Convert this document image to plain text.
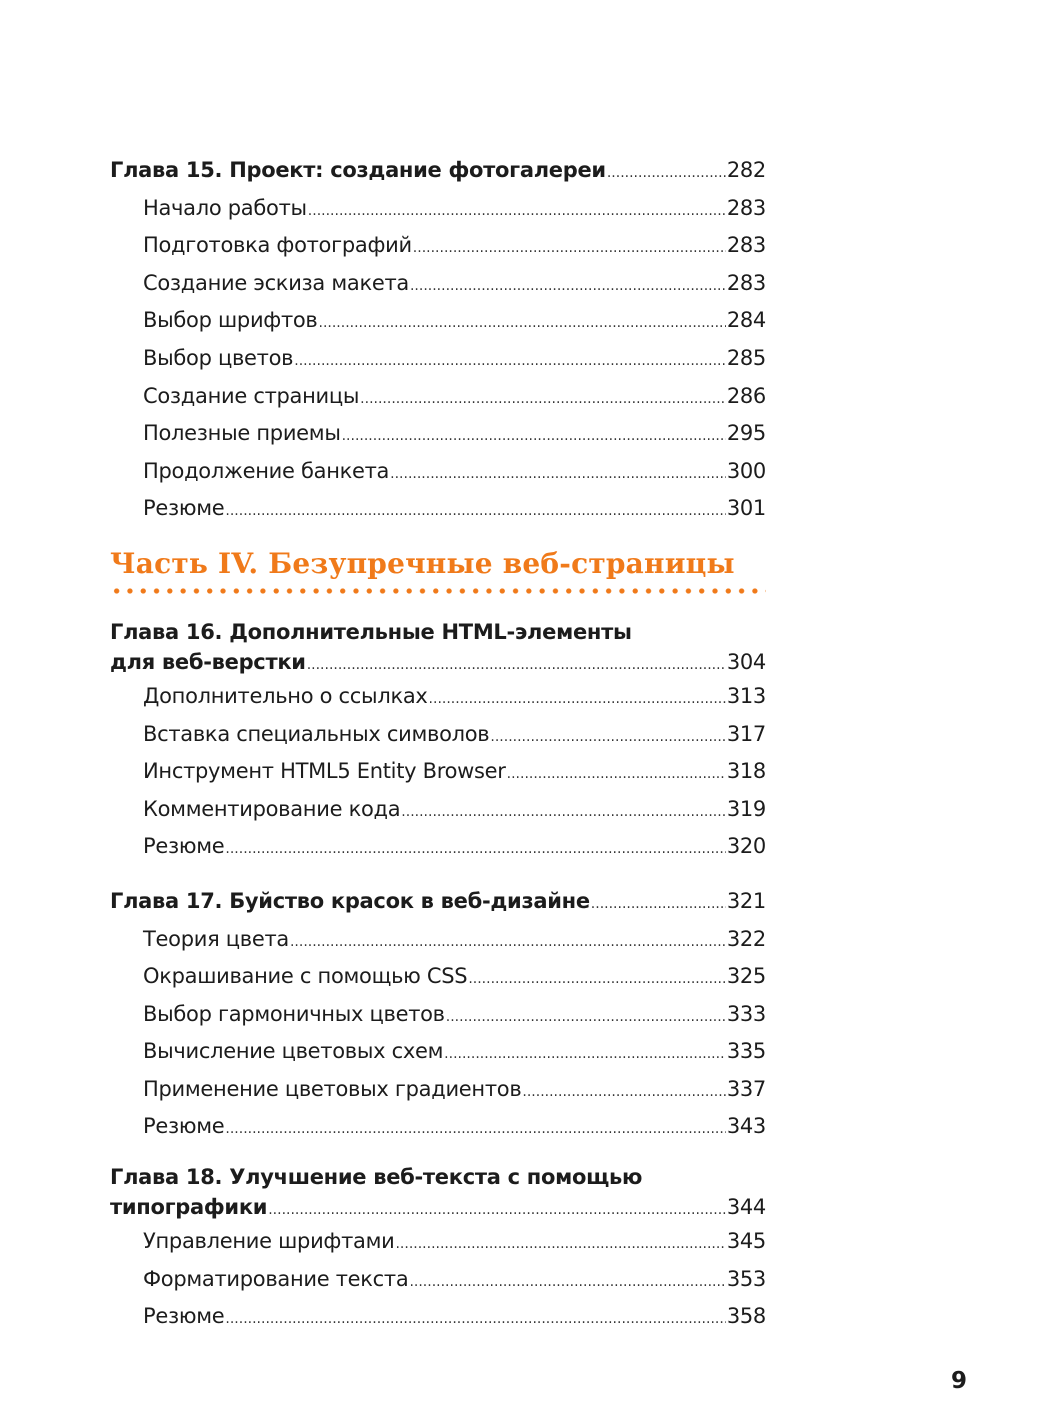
Глава 15. Проект: создание фотогалереи .....	282
Начало работы .....	283
Подготовка фотографий .....	283
Создание эскиза макета .....	283
Выбор шрифтов .....	284
Выбор цветов .....	285
Создание страницы .....	286
Полезные приемы .....	295
Продолжение банкета .....	300
Резюме .....	301
Часть IV. Безупречные веб-страницы
Глава 16. Дополнительные HTML-элементы
для веб-верстки .....	304
Дополнительно о ссылках .....	313
Вставка специальных символов .....	317
Инструмент HTML5 Entity Browser .....	318
Комментирование кода .....	319
Резюме .....	320
Глава 17. Буйство красок в веб-дизайне .....	321
Теория цвета .....	322
Окрашивание с помощью CSS .....	325
Выбор гармоничных цветов .....	333
Вычисление цветовых схем .....	335
Применение цветовых градиентов .....	337
Резюме .....	343
Глава 18. Улучшение веб-текста с помощью
типографики .....	344
Управление шрифтами .....	345
Форматирование текста .....	353
Резюме .....	358
9
